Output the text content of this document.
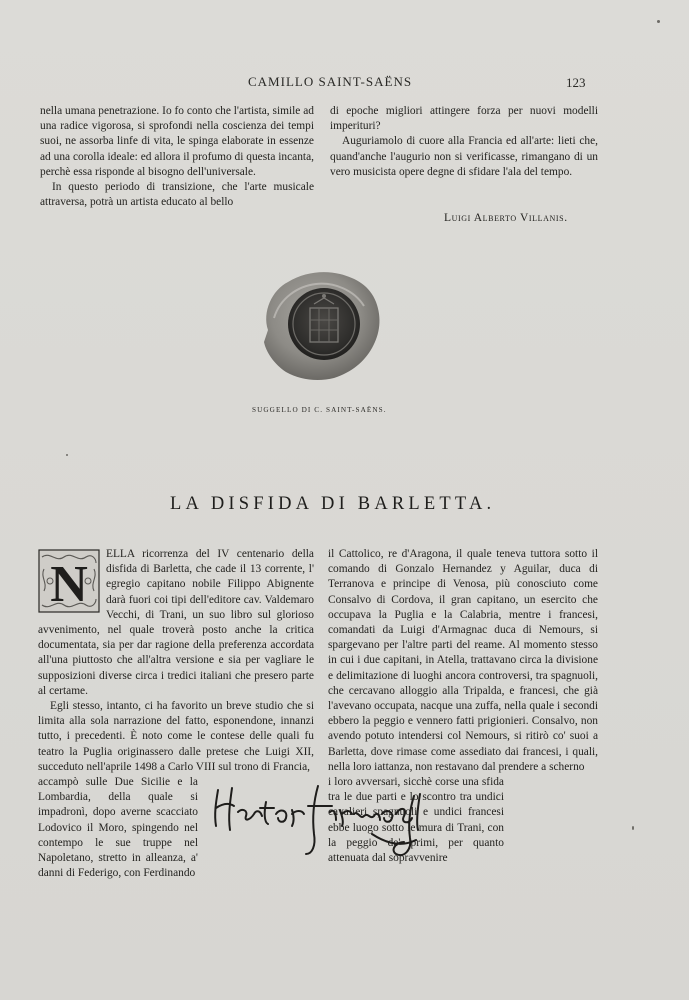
CAMILLO SAINT-SAËNS	123

nella umana penetrazione. Io fo conto che l'artista, simile ad una radice vigorosa, si sprofondi nella coscienza dei tempi suoi, ne assorba linfe di vita, le spinga elaborate in essenze ad una corolla ideale: ed allora il profumo di questa incanta, perchè essa risponde al bisogno dell'universale.

In questo periodo di transizione, che l'arte musicale attraversa, potrà un artista educato al bello

di epoche migliori attingere forza per nuovi modelli imperituri?

Auguriamolo di cuore alla Francia ed all'arte: lieti che, quand'anche l'augurio non si verificasse, rimangano di un vero musicista opere degne di sfidare l'ala del tempo.

Luigi Alberto Villanis.
SUGGELLO DI C. SAINT-SAËNS.
LA DISFIDA DI BARLETTA.
N

ELLA ricorrenza del IV centenario della disfida di Barletta, che cade il 13 corrente, l' egregio capitano nobile Filippo Abignente darà fuori coi tipi dell'editore cav. Valdemaro Vecchi, di Trani, un suo libro sul glorioso avvenimento, nel quale troverà posto anche la critica documentata, sia per dar ragione della preferenza accordata all'una piuttosto che all'altra versione e sia per vagliare le supposizioni diverse circa i tredici italiani che presero parte al certame.

Egli stesso, intanto, ci ha favorito un breve studio che si limita alla sola narrazione del fatto, esponendone, innanzi tutto, i precedenti. È noto come le contese delle quali fu teatro la Puglia originassero dalle pretese che Luigi XII, succeduto nell'aprile 1498 a Carlo VIII sul trono di Francia,

accampò sulle Due Sicilie e la Lombardia, della quale si impadronì, dopo averne scacciato Lodovico il Moro, spingendo nel contempo le sue truppe nel Napoletano, stretto in alleanza, a' danni di Federigo, con Ferdinando

il Cattolico, re d'Aragona, il quale teneva tuttora sotto il comando di Gonzalo Hernandez y Aguilar, duca di Terranova e principe di Venosa, più conosciuto come Consalvo di Cordova, il gran capitano, un esercito che occupava la Puglia e la Calabria, mentre i francesi, comandati da Luigi d'Armagnac duca di Nemours, si spargevano per l'altre parti del reame. Al momento stesso in cui i due capitani, in Atella, trattavano circa la divisione e delimitazione di luoghi ancora controversi, tra spagnuoli, che cercavano alloggio alla Tripalda, e francesi, che già l'avevano occupata, nacque una zuffa, nella quale i secondi ebbero la peggio e vennero fatti prigionieri. Consalvo, non avendo potuto intendersi col Nemours, si ritirò co' suoi a Barletta, dove rimase come assediato dai francesi, i quali, nella loro iattanza, non restavano dal prendere a scherno

i loro avversari, sicchè corse una sfida tra le due parti e lo scontro tra undici cavalieri spagnuoli e undici francesi ebbe luogo sotto le mura di Trani, con la peggio de' primi, per quanto attenuata dal sopravvenire
